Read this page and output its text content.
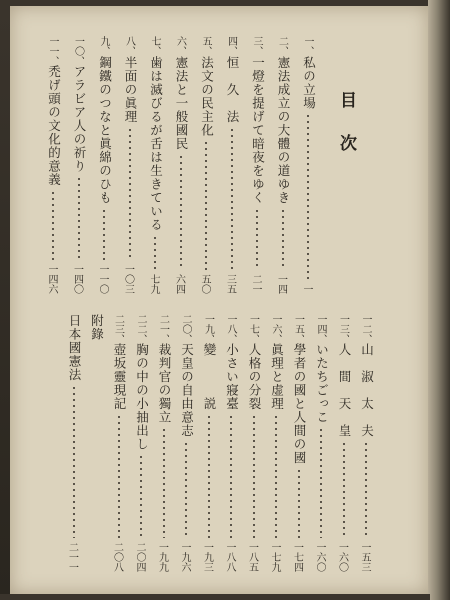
目次
一、
私の立場
一
二、
憲法成立の大體の道ゆき
一四
三、
一燈を提げて暗夜をゆく
二一
四、
恒　久　法
三五
五、
法文の民主化
五〇
六、
憲法と一般國民
六四
七、
歯は滅びるが舌は生きている
七九
八、
半面の眞理
一〇三
九、
鋼鐵のつなと眞綿のひも
一一〇
一〇、
アラビア人の祈り
一四〇
一一、
禿げ頭の文化的意義
一四六
一二、
山　淑　太　夫
一五三
一三、
人　間　天　皇
一六〇
一四、
いたちごっこ
一六〇
一五、
學者の國と人間の國
一七四
一六、
眞理と虚理
一七九
一七、
人格の分裂
一八五
一八、
小さい寢臺
一八八
一九、
變　　　説
一九三
二〇、
天皇の自由意志
一九六
二一、
裁判官の獨立
一九九
二二、
胸の中の小抽出し
二〇四
二三、
壺坂靈現記
二〇八
附錄
日本國憲法
二一一
